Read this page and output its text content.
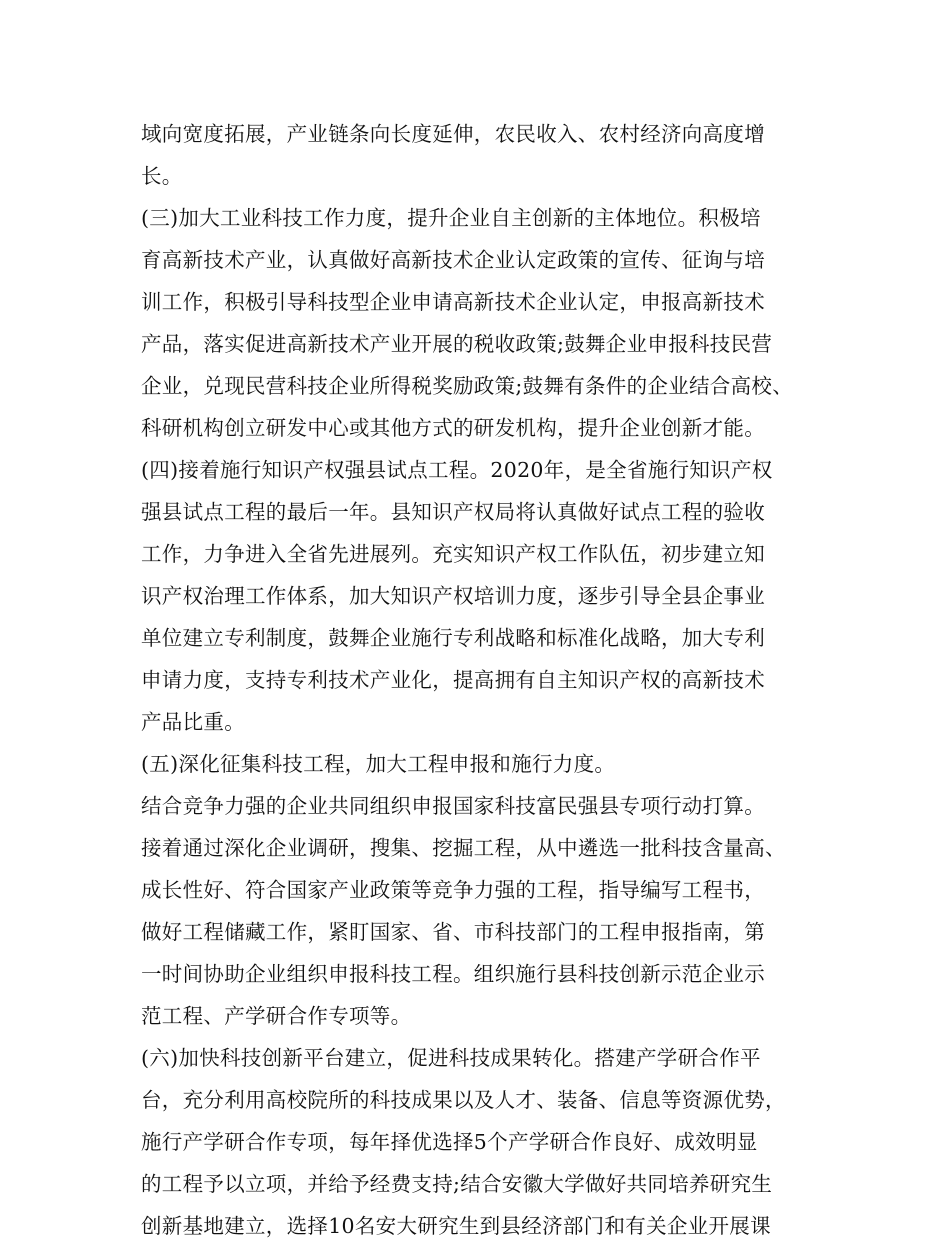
域向宽度拓展，产业链条向长度延伸，农民收入、农村经济向高度增
长。
(三)加大工业科技工作力度，提升企业自主创新的主体地位。积极培
育高新技术产业，认真做好高新技术企业认定政策的宣传、征询与培
训工作，积极引导科技型企业申请高新技术企业认定，申报高新技术
产品，落实促进高新技术产业开展的税收政策;鼓舞企业申报科技民营
企业，兑现民营科技企业所得税奖励政策;鼓舞有条件的企业结合高校、
科研机构创立研发中心或其他方式的研发机构，提升企业创新才能。
(四)接着施行知识产权强县试点工程。2020年，是全省施行知识产权
强县试点工程的最后一年。县知识产权局将认真做好试点工程的验收
工作，力争进入全省先进展列。充实知识产权工作队伍，初步建立知
识产权治理工作体系，加大知识产权培训力度，逐步引导全县企事业
单位建立专利制度，鼓舞企业施行专利战略和标准化战略，加大专利
申请力度，支持专利技术产业化，提高拥有自主知识产权的高新技术
产品比重。
(五)深化征集科技工程，加大工程申报和施行力度。
结合竞争力强的企业共同组织申报国家科技富民强县专项行动打算。
接着通过深化企业调研，搜集、挖掘工程，从中遴选一批科技含量高、
成长性好、符合国家产业政策等竞争力强的工程，指导编写工程书，
做好工程储藏工作，紧盯国家、省、市科技部门的工程申报指南，第
一时间协助企业组织申报科技工程。组织施行县科技创新示范企业示
范工程、产学研合作专项等。
(六)加快科技创新平台建立，促进科技成果转化。搭建产学研合作平
台，充分利用高校院所的科技成果以及人才、装备、信息等资源优势，
施行产学研合作专项，每年择优选择5个产学研合作良好、成效明显
的工程予以立项，并给予经费支持;结合安徽大学做好共同培养研究生
创新基地建立，选择10名安大研究生到县经济部门和有关企业开展课
